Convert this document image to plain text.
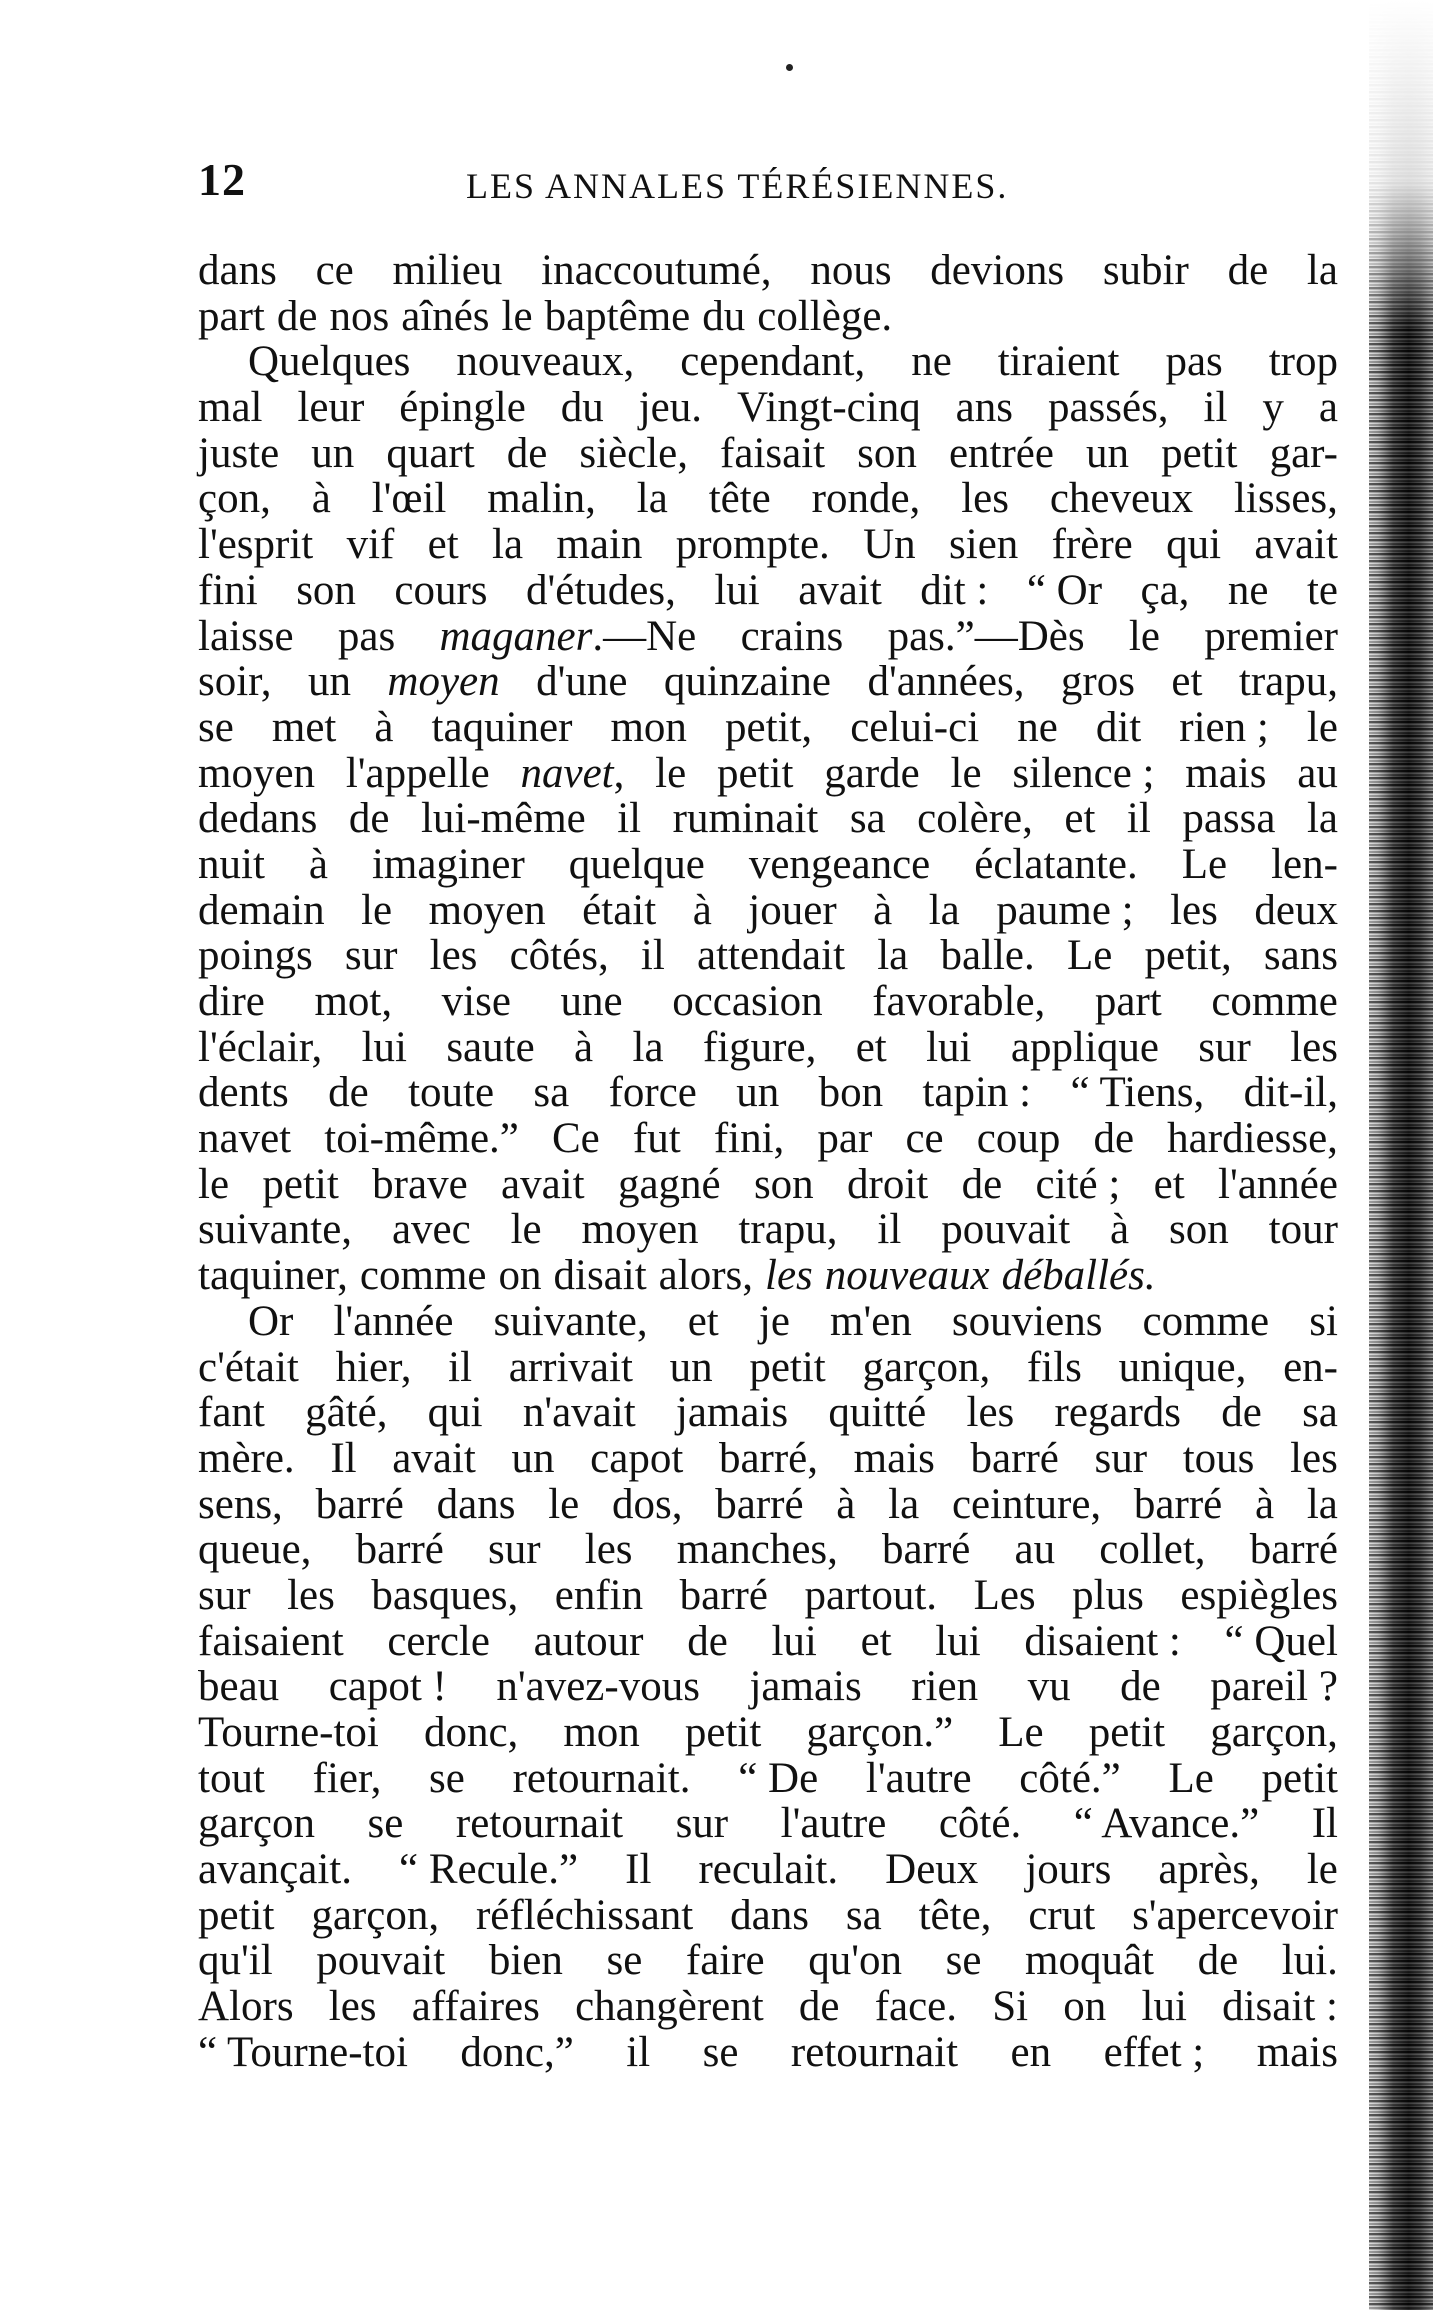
12	LES ANNALES TÉRÉSIENNES.
dans ce milieu inaccoutumé, nous devions subir de la
part de nos aînés le baptême du collège.
Quelques nouveaux, cependant, ne tiraient pas trop
mal leur épingle du jeu. Vingt-cinq ans passés, il y a
juste un quart de siècle, faisait son entrée un petit gar-
çon, à l'œil malin, la tête ronde, les cheveux lisses,
l'esprit vif et la main prompte. Un sien frère qui avait
fini son cours d'études, lui avait dit : “ Or ça, ne te
laisse pas maganer.—Ne crains pas.”—Dès le premier
soir, un moyen d'une quinzaine d'années, gros et trapu,
se met à taquiner mon petit, celui-ci ne dit rien ; le
moyen l'appelle navet, le petit garde le silence ; mais au
dedans de lui-même il ruminait sa colère, et il passa la
nuit à imaginer quelque vengeance éclatante. Le len-
demain le moyen était à jouer à la paume ; les deux
poings sur les côtés, il attendait la balle. Le petit, sans
dire mot, vise une occasion favorable, part comme
l'éclair, lui saute à la figure, et lui applique sur les
dents de toute sa force un bon tapin : “ Tiens, dit-il,
navet toi-même.” Ce fut fini, par ce coup de hardiesse,
le petit brave avait gagné son droit de cité ; et l'année
suivante, avec le moyen trapu, il pouvait à son tour
taquiner, comme on disait alors, les nouveaux déballés.
Or l'année suivante, et je m'en souviens comme si
c'était hier, il arrivait un petit garçon, fils unique, en-
fant gâté, qui n'avait jamais quitté les regards de sa
mère. Il avait un capot barré, mais barré sur tous les
sens, barré dans le dos, barré à la ceinture, barré à la
queue, barré sur les manches, barré au collet, barré
sur les basques, enfin barré partout. Les plus espiègles
faisaient cercle autour de lui et lui disaient : “ Quel
beau capot ! n'avez-vous jamais rien vu de pareil ?
Tourne-toi donc, mon petit garçon.” Le petit garçon,
tout fier, se retournait. “ De l'autre côté.” Le petit
garçon se retournait sur l'autre côté. “ Avance.” Il
avançait. “ Recule.” Il reculait. Deux jours après, le
petit garçon, réfléchissant dans sa tête, crut s'apercevoir
qu'il pouvait bien se faire qu'on se moquât de lui.
Alors les affaires changèrent de face. Si on lui disait :
“ Tourne-toi donc,” il se retournait en effet ; mais
